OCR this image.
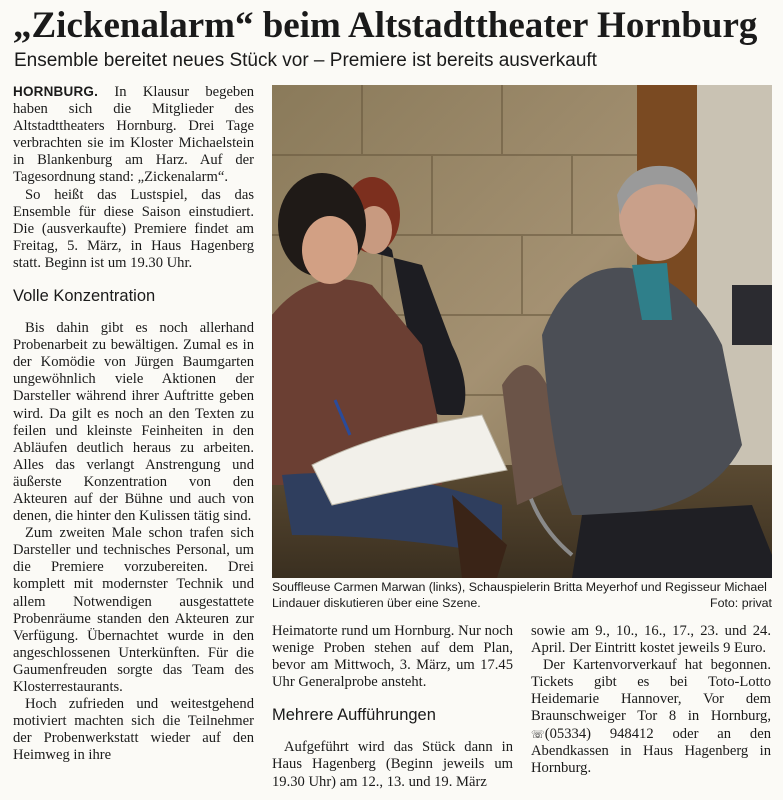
„Zickenalarm“ beim Altstadttheater Hornburg

Ensemble bereitet neues Stück vor – Premiere ist bereits ausverkauft

HORNBURG. In Klausur begeben haben sich die Mitglieder des Altstadttheaters Hornburg. Drei Tage verbrachten sie im Kloster Michaelstein in Blankenburg am Harz. Auf der Tagesordnung stand: „Zickenalarm“.

So heißt das Lustspiel, das das Ensemble für diese Saison einstudiert. Die (ausverkaufte) Premiere findet am Freitag, 5. März, in Haus Hagenberg statt. Beginn ist um 19.30 Uhr.

Volle Konzentration

Bis dahin gibt es noch allerhand Probenarbeit zu bewältigen. Zumal es in der Komödie von Jürgen Baumgarten ungewöhnlich viele Aktionen der Darsteller während ihrer Auftritte geben wird. Da gilt es noch an den Texten zu feilen und kleinste Feinheiten in den Abläufen deutlich heraus zu arbeiten. Alles das verlangt Anstrengung und äußerste Konzentration von den Akteuren auf der Bühne und auch von denen, die hinter den Kulissen tätig sind.

Zum zweiten Male schon trafen sich Darsteller und technisches Personal, um die Premiere vorzubereiten. Drei komplett mit modernster Technik und allem Notwendigen ausgestattete Probenräume standen den Akteuren zur Verfügung. Übernachtet wurde in den angeschlossenen Unterkünften. Für die Gaumenfreuden sorgte das Team des Klosterrestaurants.

Hoch zufrieden und weitestgehend motiviert machten sich die Teilnehmer der Probenwerkstatt wieder auf den Heimweg in ihre

Souffleuse Carmen Marwan (links), Schauspielerin Britta Meyerhof und Regisseur Michael Lindauer diskutieren über eine Szene.	Foto: privat

Heimatorte rund um Hornburg. Nur noch wenige Proben stehen auf dem Plan, bevor am Mittwoch, 3. März, um 17.45 Uhr Generalprobe ansteht.

Mehrere Aufführungen

Aufgeführt wird das Stück dann in Haus Hagenberg (Beginn jeweils um 19.30 Uhr) am 12., 13. und 19. März

sowie am 9., 10., 16., 17., 23. und 24. April. Der Eintritt kostet jeweils 9 Euro.

Der Kartenvorverkauf hat begonnen. Tickets gibt es bei Toto-Lotto Heidemarie Hannover, Vor dem Braunschweiger Tor 8 in Hornburg, ☏(05334) 948412 oder an den Abendkassen in Haus Hagenberg in Hornburg.
